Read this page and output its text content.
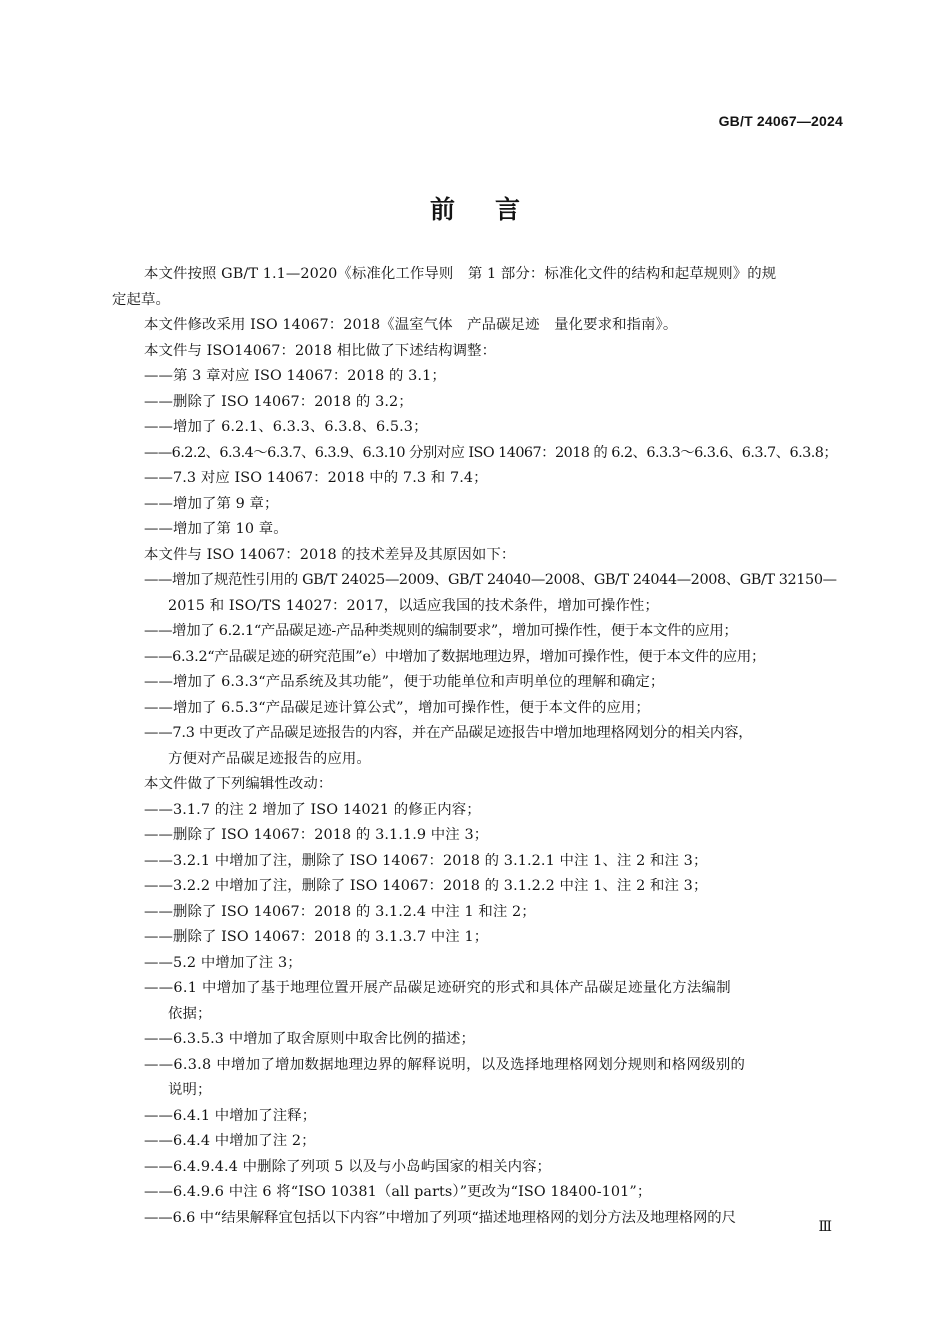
GB/T 24067—2024
前言
本文件按照 GB/T 1.1—2020《标准化工作导则　第 1 部分：标准化文件的结构和起草规则》的规
定起草。
本文件修改采用 ISO 14067：2018《温室气体　产品碳足迹　量化要求和指南》。
本文件与 ISO14067：2018 相比做了下述结构调整：
——第 3 章对应 ISO 14067：2018 的 3.1；
——删除了 ISO 14067：2018 的 3.2；
——增加了 6.2.1、6.3.3、6.3.8、6.5.3；
——6.2.2、6.3.4～6.3.7、6.3.9、6.3.10 分别对应 ISO 14067：2018 的 6.2、6.3.3～6.3.6、6.3.7、6.3.8；
——7.3 对应 ISO 14067：2018 中的 7.3 和 7.4；
——增加了第 9 章；
——增加了第 10 章。
本文件与 ISO 14067：2018 的技术差异及其原因如下：
——增加了规范性引用的 GB/T 24025—2009、GB/T 24040—2008、GB/T 24044—2008、GB/T 32150—
2015 和 ISO/TS 14027：2017，以适应我国的技术条件，增加可操作性；
——增加了 6.2.1“产品碳足迹-产品种类规则的编制要求”，增加可操作性，便于本文件的应用；
——6.3.2“产品碳足迹的研究范围”e）中增加了数据地理边界，增加可操作性，便于本文件的应用；
——增加了 6.3.3“产品系统及其功能”，便于功能单位和声明单位的理解和确定；
——增加了 6.5.3“产品碳足迹计算公式”，增加可操作性，便于本文件的应用；
——7.3 中更改了产品碳足迹报告的内容，并在产品碳足迹报告中增加地理格网划分的相关内容，
方便对产品碳足迹报告的应用。
本文件做了下列编辑性改动：
——3.1.7 的注 2 增加了 ISO 14021 的修正内容；
——删除了 ISO 14067：2018 的 3.1.1.9 中注 3；
——3.2.1 中增加了注，删除了 ISO 14067：2018 的 3.1.2.1 中注 1、注 2 和注 3；
——3.2.2 中增加了注，删除了 ISO 14067：2018 的 3.1.2.2 中注 1、注 2 和注 3；
——删除了 ISO 14067：2018 的 3.1.2.4 中注 1 和注 2；
——删除了 ISO 14067：2018 的 3.1.3.7 中注 1；
——5.2 中增加了注 3；
——6.1 中增加了基于地理位置开展产品碳足迹研究的形式和具体产品碳足迹量化方法编制
依据；
——6.3.5.3 中增加了取舍原则中取舍比例的描述；
——6.3.8 中增加了增加数据地理边界的解释说明，以及选择地理格网划分规则和格网级别的
说明；
——6.4.1 中增加了注释；
——6.4.4 中增加了注 2；
——6.4.9.4.4 中删除了列项 5 以及与小岛屿国家的相关内容；
——6.4.9.6 中注 6 将“ISO 10381（all parts）”更改为“ISO 18400-101”；
——6.6 中“结果解释宜包括以下内容”中增加了列项“描述地理格网的划分方法及地理格网的尺
Ⅲ
